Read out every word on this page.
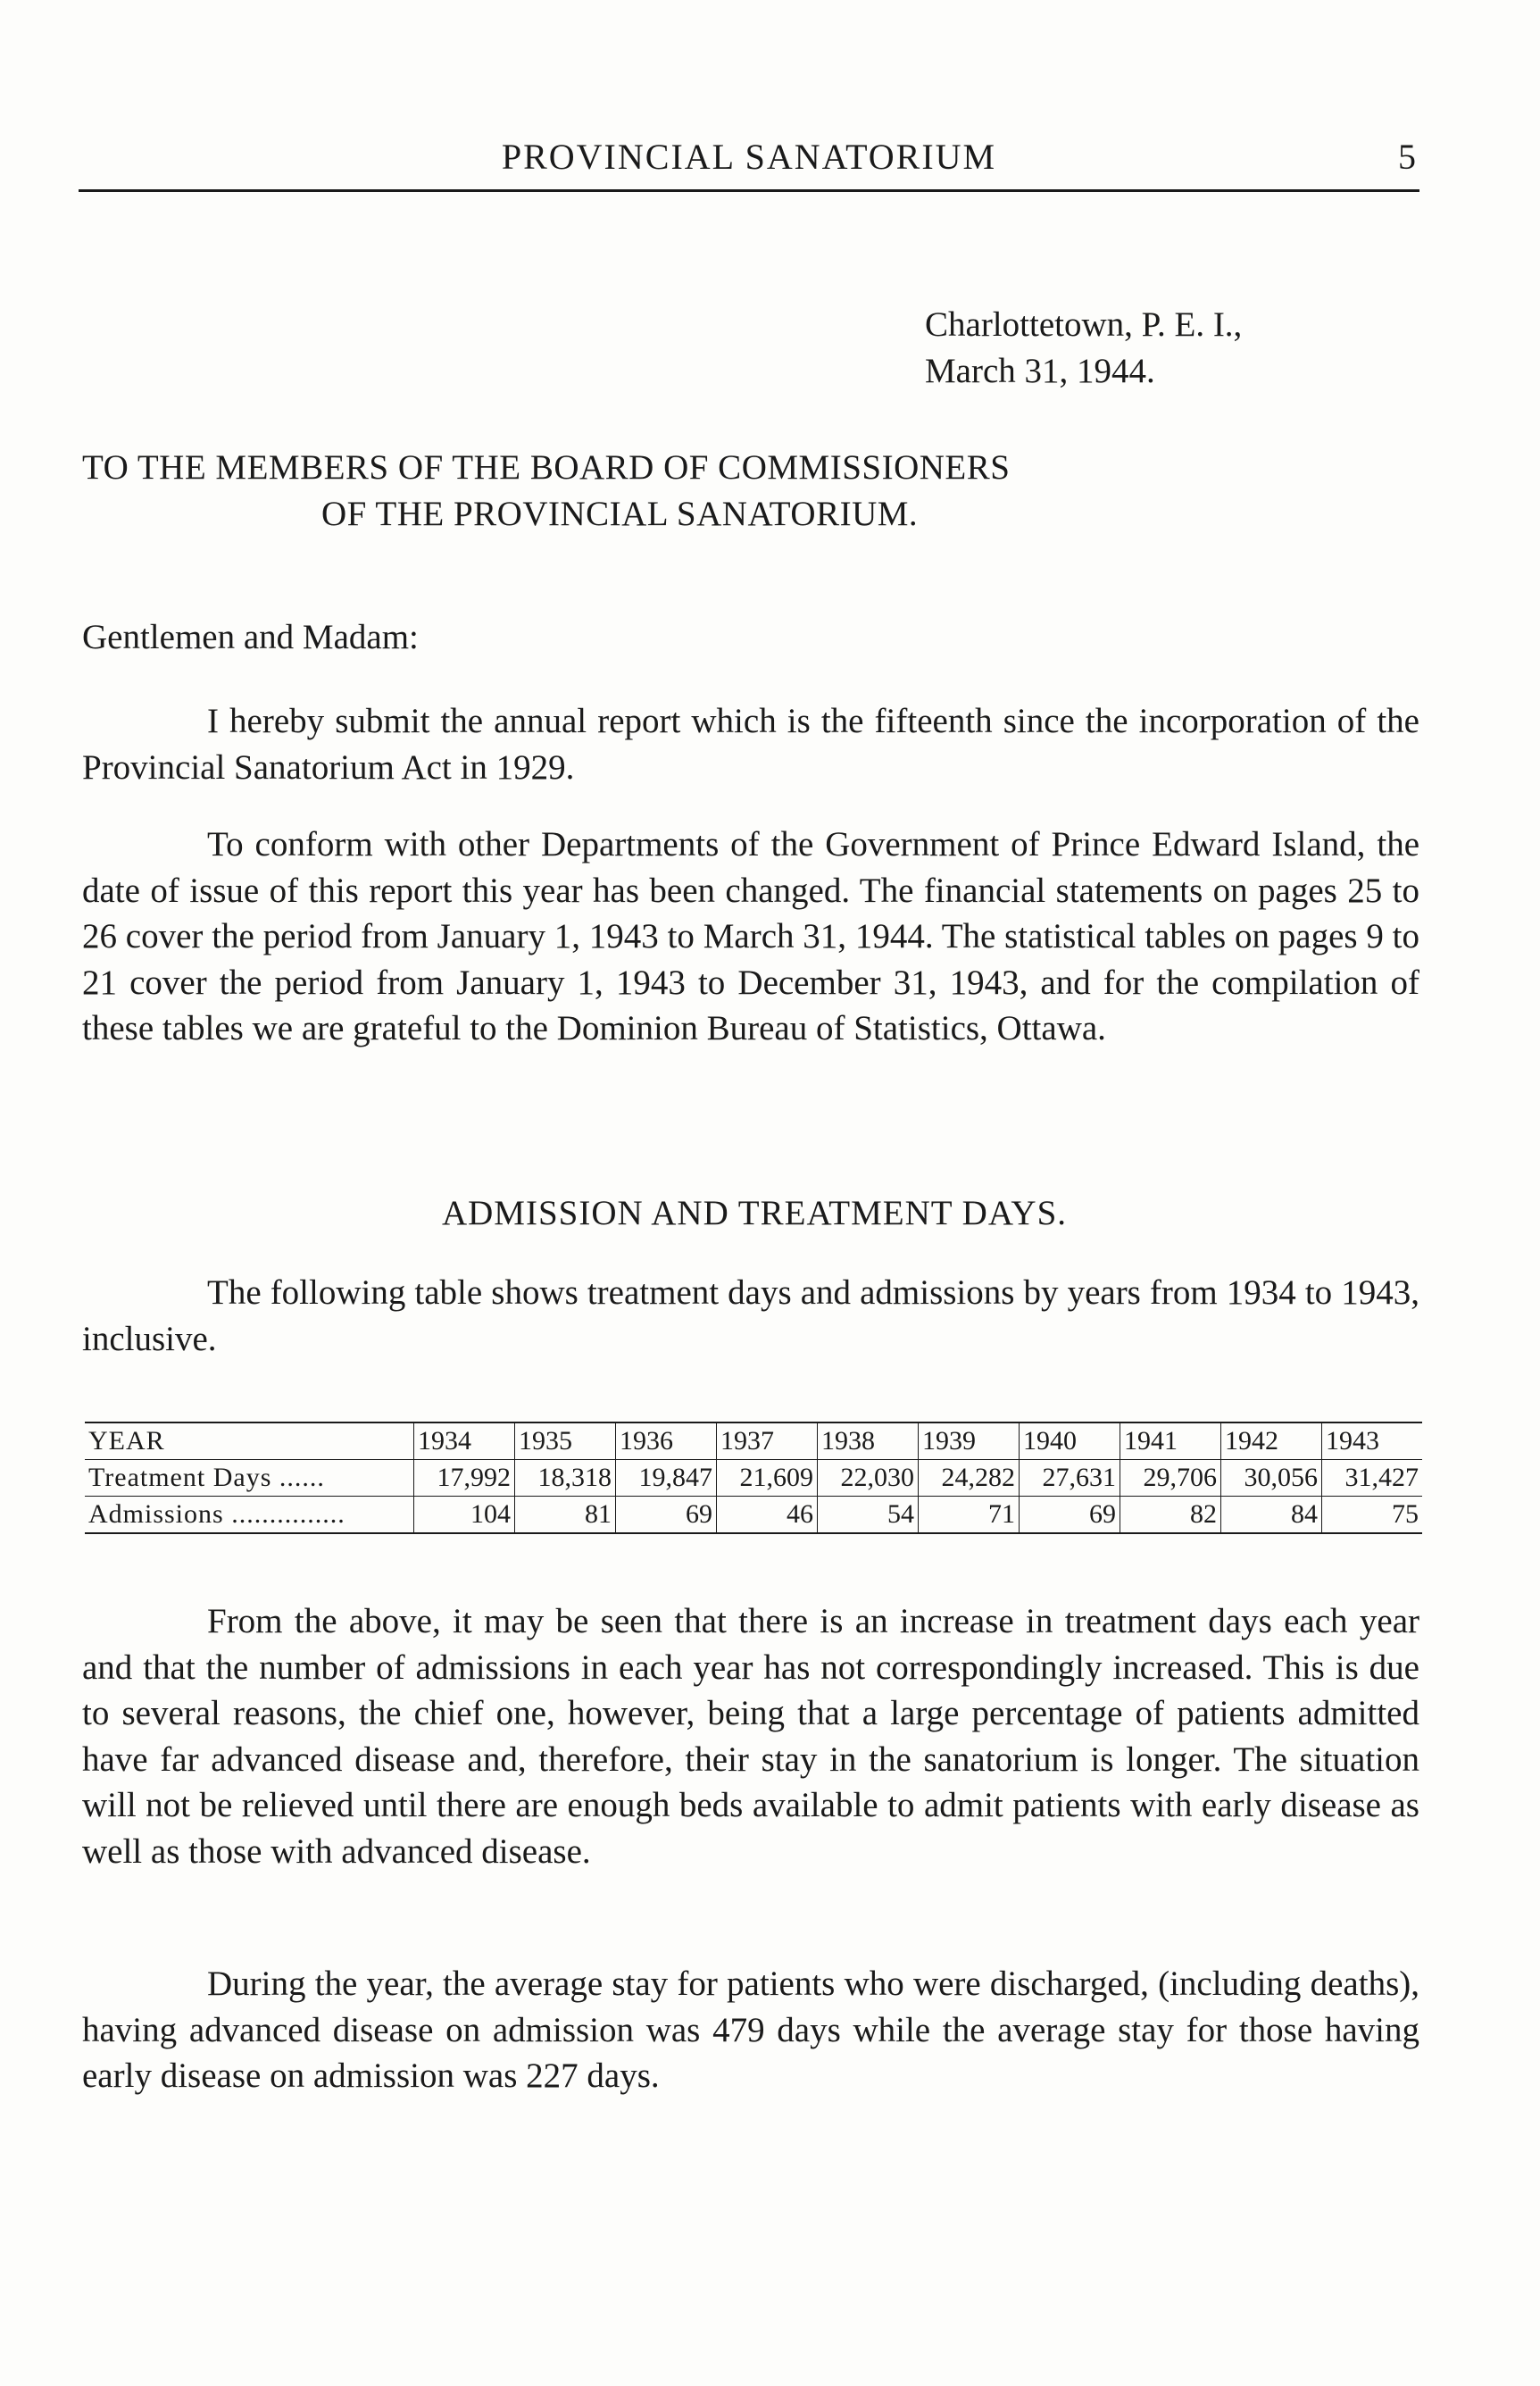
PROVINCIAL SANATORIUM	5
Charlottetown, P. E. I.,
March 31, 1944.
TO THE MEMBERS OF THE BOARD OF COMMISSIONERS
OF THE PROVINCIAL SANATORIUM.
Gentlemen and Madam:

I hereby submit the annual report which is the fifteenth since the incorporation of the Provincial Sanatorium Act in 1929.

To conform with other Departments of the Government of Prince Edward Island, the date of issue of this report this year has been changed. The financial statements on pages 25 to 26 cover the period from January 1, 1943 to March 31, 1944. The statistical tables on pages 9 to 21 cover the period from January 1, 1943 to December 31, 1943, and for the compilation of these tables we are grateful to the Dominion Bureau of Statistics, Ottawa.

ADMISSION AND TREATMENT DAYS.

The following table shows treatment days and admissions by years from 1934 to 1943, inclusive.

YEAR	1934	1935	1936	1937	1938	1939	1940	1941	1942	1943
Treatment Days ......	17,992	18,318	19,847	21,609	22,030	24,282	27,631	29,706	30,056	31,427
Admissions ...............	104	81	69	46	54	71	69	82	84	75

From the above, it may be seen that there is an increase in treatment days each year and that the number of admissions in each year has not correspondingly increased. This is due to several reasons, the chief one, however, being that a large percentage of patients admitted have far advanced disease and, therefore, their stay in the sanatorium is longer. The situation will not be relieved until there are enough beds available to admit patients with early disease as well as those with advanced disease.

During the year, the average stay for patients who were discharged, (including deaths), having advanced disease on admission was 479 days while the average stay for those having early disease on admission was 227 days.
